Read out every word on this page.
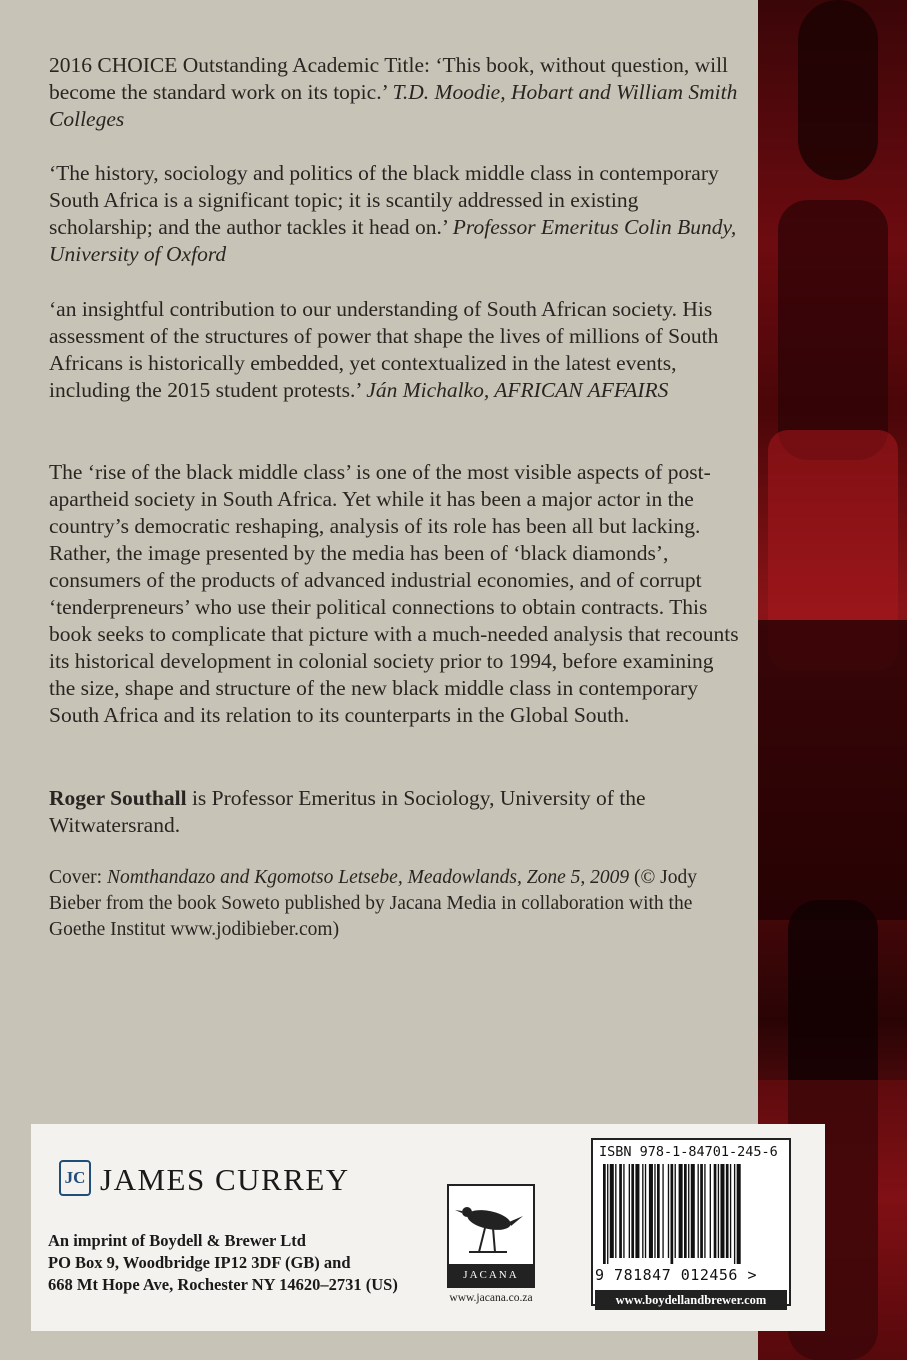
2016 CHOICE Outstanding Academic Title: ‘This book, without question, will become the standard work on its topic.’ T.D. Moodie, Hobart and William Smith Colleges

‘The history, sociology and politics of the black middle class in contemporary South Africa is a significant topic; it is scantily addressed in existing scholarship; and the author tackles it head on.’ Professor Emeritus Colin Bundy, University of Oxford

‘an insightful contribution to our understanding of South African society. His assessment of the structures of power that shape the lives of millions of South Africans is historically embedded, yet contextualized in the latest events, including the 2015 student protests.’ Ján Michalko, AFRICAN AFFAIRS

The ‘rise of the black middle class’ is one of the most visible aspects of post-apartheid society in South Africa. Yet while it has been a major actor in the country’s democratic reshaping, analysis of its role has been all but lacking. Rather, the image presented by the media has been of ‘black diamonds’, consumers of the products of advanced industrial economies, and of corrupt ‘tenderpreneurs’ who use their political connections to obtain contracts. This book seeks to complicate that picture with a much-needed analysis that recounts its historical development in colonial society prior to 1994, before examining the size, shape and structure of the new black middle class in contemporary South Africa and its relation to its counterparts in the Global South.

Roger Southall is Professor Emeritus in Sociology, University of the Witwatersrand.

Cover: Nomthandazo and Kgomotso Letsebe, Meadowlands, Zone 5, 2009 (© Jody Bieber from the book Soweto published by Jacana Media in collaboration with the Goethe Institut www.jodibieber.com)

JC JAMES CURREY
An imprint of Boydell & Brewer Ltd
PO Box 9, Woodbridge IP12 3DF (GB) and
668 Mt Hope Ave, Rochester NY 14620–2731 (US)	JACANA
www.jacana.co.za
ISBN 978-1-84701-245-6
9 781847 012456 >
www.boydellandbrewer.com
